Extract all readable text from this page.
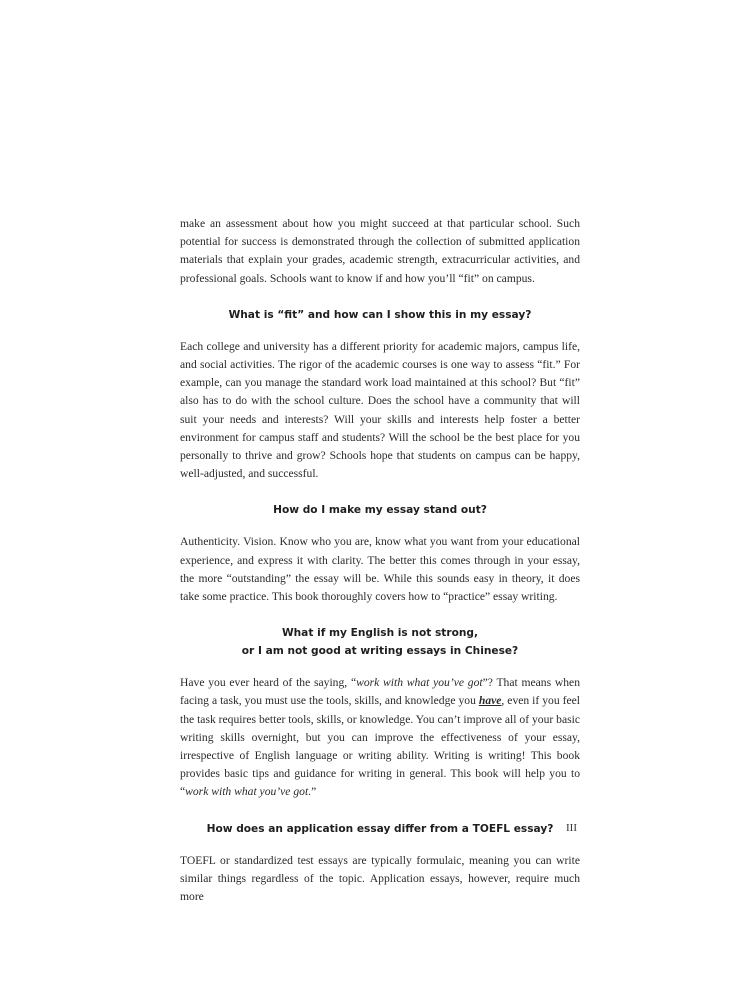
make an assessment about how you might succeed at that particular school. Such potential for success is demonstrated through the collection of submitted application materials that explain your grades, academic strength, extracurricular activities, and professional goals. Schools want to know if and how you’ll “fit” on campus.

What is “fit” and how can I show this in my essay?

Each college and university has a different priority for academic majors, campus life, and social activities. The rigor of the academic courses is one way to assess “fit.” For example, can you manage the standard work load maintained at this school? But “fit” also has to do with the school culture. Does the school have a community that will suit your needs and interests? Will your skills and interests help foster a better environment for campus staff and students? Will the school be the best place for you personally to thrive and grow? Schools hope that students on campus can be happy, well-adjusted, and successful.

How do I make my essay stand out?

Authenticity. Vision. Know who you are, know what you want from your educational experience, and express it with clarity. The better this comes through in your essay, the more “outstanding” the essay will be. While this sounds easy in theory, it does take some practice. This book thoroughly covers how to “practice” essay writing.

What if my English is not strong,
or I am not good at writing essays in Chinese?

Have you ever heard of the saying, “work with what you’ve got”? That means when facing a task, you must use the tools, skills, and knowledge you have, even if you feel the task requires better tools, skills, or knowledge. You can’t improve all of your basic writing skills overnight, but you can improve the effectiveness of your essay, irrespective of English language or writing ability. Writing is writing! This book provides basic tips and guidance for writing in general. This book will help you to “work with what you’ve got.”

How does an application essay differ from a TOEFL essay?

TOEFL or standardized test essays are typically formulaic, meaning you can write similar things regardless of the topic. Application essays, however, require much more

III
